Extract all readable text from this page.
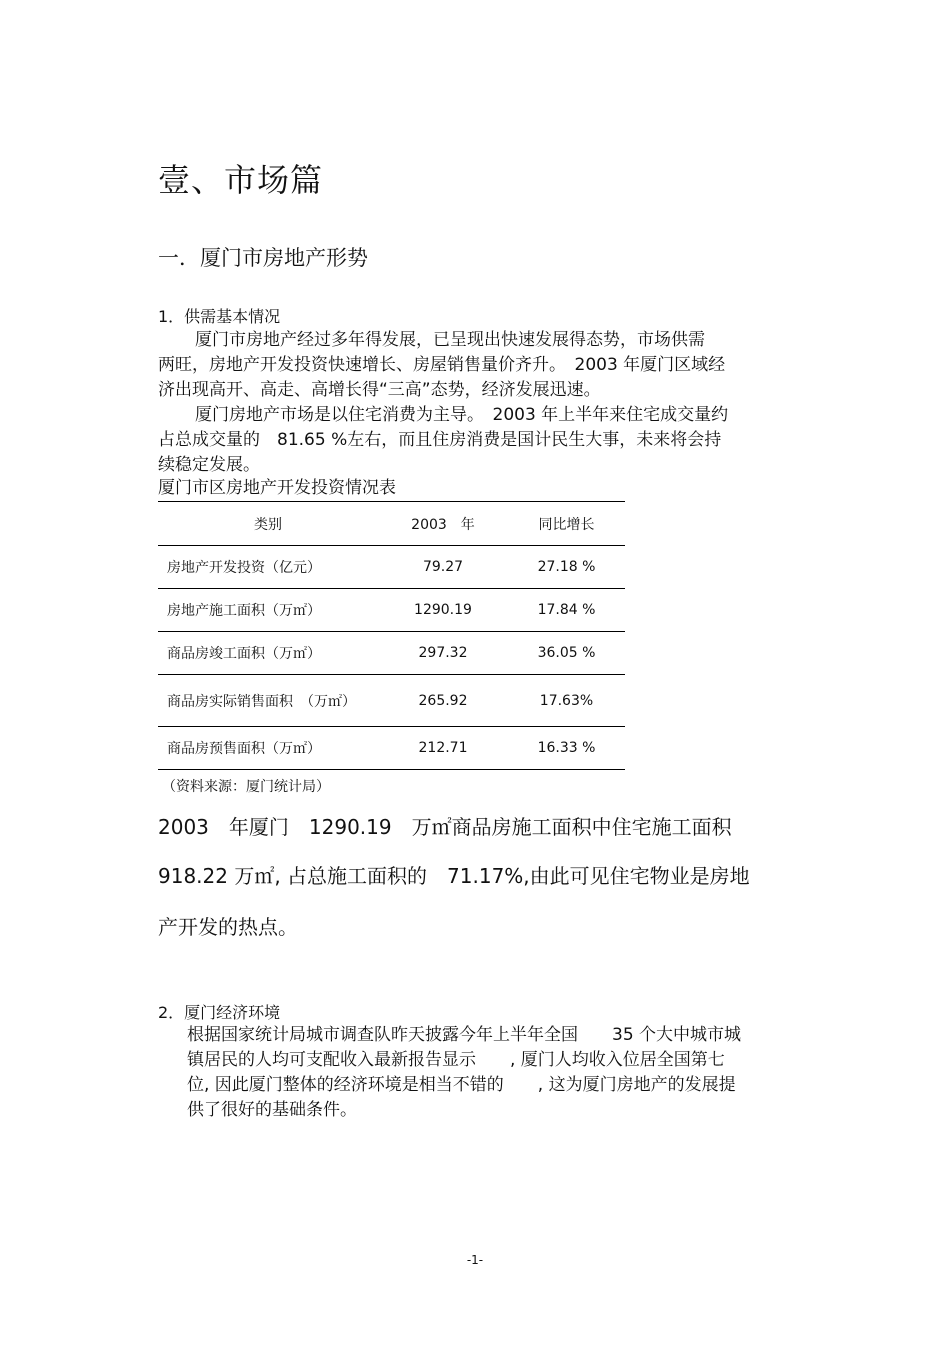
壹、市场篇
一．厦门市房地产形势
1．供需基本情况
厦门市房地产经过多年得发展，已呈现出快速发展得态势，市场供需
两旺，房地产开发投资快速增长、房屋销售量价齐升。　2003 年厦门区域经
济出现高开、高走、高增长得“三高”态势，经济发展迅速。
厦门房地产市场是以住宅消费为主导。　2003 年上半年来住宅成交量约
占总成交量的　81.65 %左右，而且住房消费是国计民生大事，未来将会持
续稳定发展。
厦门市区房地产开发投资情况表
类别	2003　年	同比增长
房地产开发投资（亿元）	79.27	27.18 %
房地产施工面积（万㎡）	1290.19	17.84 %
商品房竣工面积（万㎡）	297.32	36.05 %
商品房实际销售面积　（万㎡）	265.92	17.63%
商品房预售面积（万㎡）	212.71	16.33 %
（资料来源：厦门统计局）
2003　年厦门　1290.19　万㎡商品房施工面积中住宅施工面积
918.22 万㎡, 占总施工面积的　71.17%,由此可见住宅物业是房地
产开发的热点。
2．厦门经济环境
根据国家统计局城市调查队昨天披露今年上半年全国　　35 个大中城市城
镇居民的人均可支配收入最新报告显示　　, 厦门人均收入位居全国第七
位, 因此厦门整体的经济环境是相当不错的　　, 这为厦门房地产的发展提
供了很好的基础条件。
-1-
